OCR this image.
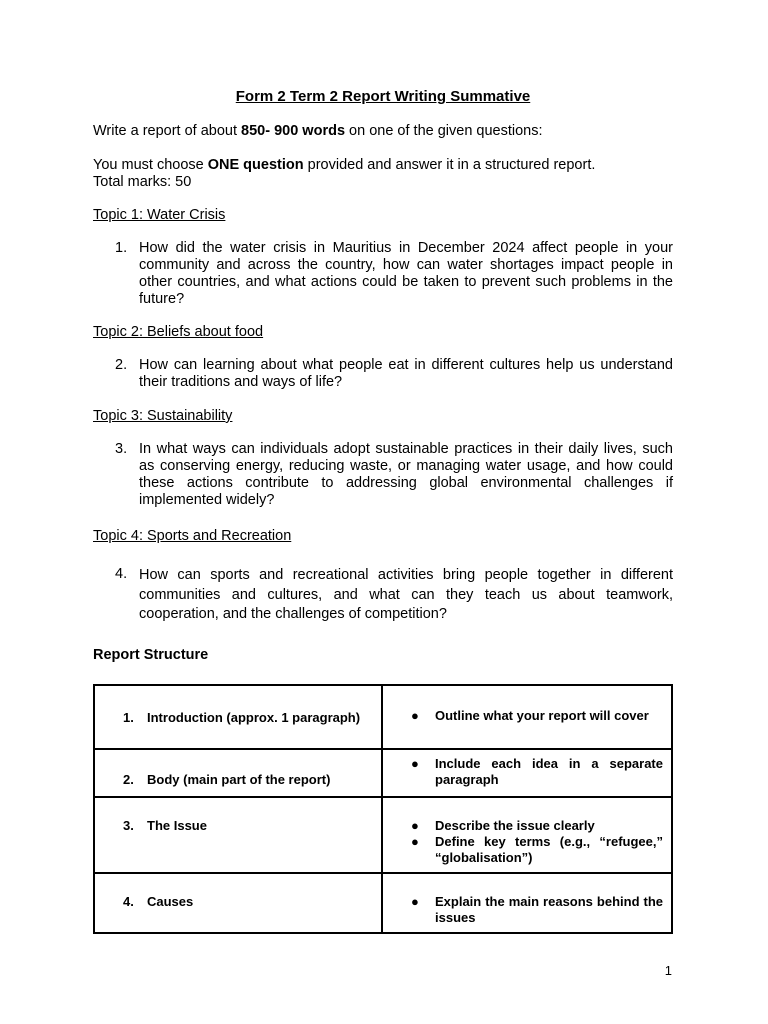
Form 2 Term 2 Report Writing Summative
Write a report of about 850- 900 words on one of the given questions:
You must choose ONE question provided and answer it in a structured report.
Total marks: 50
Topic 1: Water Crisis
1. How did the water crisis in Mauritius in December 2024 affect people in your community and across the country, how can water shortages impact people in other countries, and what actions could be taken to prevent such problems in the future?
Topic 2: Beliefs about food
2. How can learning about what people eat in different cultures help us understand their traditions and ways of life?
Topic 3: Sustainability
3. In what ways can individuals adopt sustainable practices in their daily lives, such as conserving energy, reducing waste, or managing water usage, and how could these actions contribute to addressing global environmental challenges if implemented widely?
Topic 4: Sports and Recreation
4. How can sports and recreational activities bring people together in different communities and cultures, and what can they teach us about teamwork, cooperation, and the challenges of competition?
Report Structure
1. Introduction (approx. 1 paragraph)	● Outline what your report will cover

2. Body (main part of the report)	● Include each idea in a separate paragraph

3. The Issue	● Describe the issue clearly
● Define key terms (e.g., “refugee,” “globalisation”)

4. Causes	● Explain the main reasons behind the issues
1
